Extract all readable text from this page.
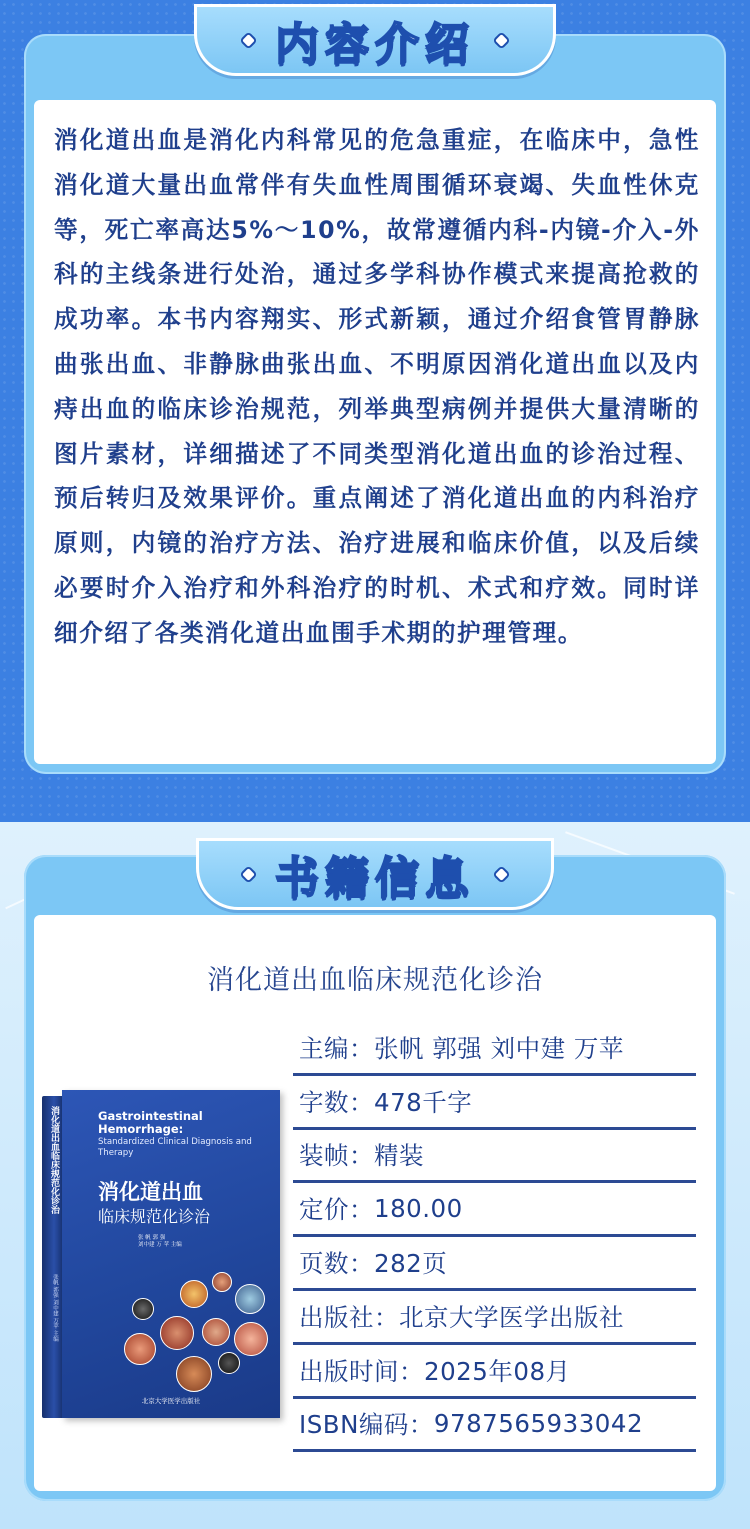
内容介绍
消化道出血是消化内科常见的危急重症，在临床中，急性消化道大量出血常伴有失血性周围循环衰竭、失血性休克等，死亡率高达5%～10%，故常遵循内科-内镜-介入-外科的主线条进行处治，通过多学科协作模式来提高抢救的成功率。本书内容翔实、形式新颖，通过介绍食管胃静脉曲张出血、非静脉曲张出血、不明原因消化道出血以及内痔出血的临床诊治规范，列举典型病例并提供大量清晰的图片素材，详细描述了不同类型消化道出血的诊治过程、预后转归及效果评价。重点阐述了消化道出血的内科治疗原则，内镜的治疗方法、治疗进展和临床价值，以及后续必要时介入治疗和外科治疗的时机、术式和疗效。同时详细介绍了各类消化道出血围手术期的护理管理。
书籍信息
消化道出血临床规范化诊治
消化道出血临床规范化诊治
张帆 郭强 刘中建 万苹 主编
Gastrointestinal Hemorrhage:
Standardized Clinical Diagnosis and Therapy
消化道出血
临床规范化诊治
张 帆 郭 强
刘中建 万 苹 主编
北京大学医学出版社
主编： 张帆 郭强 刘中建 万苹
字数： 478千字
装帧： 精装
定价： 180.00
页数： 282页
出版社： 北京大学医学出版社
出版时间： 2025年08月
ISBN编码： 9787565933042
